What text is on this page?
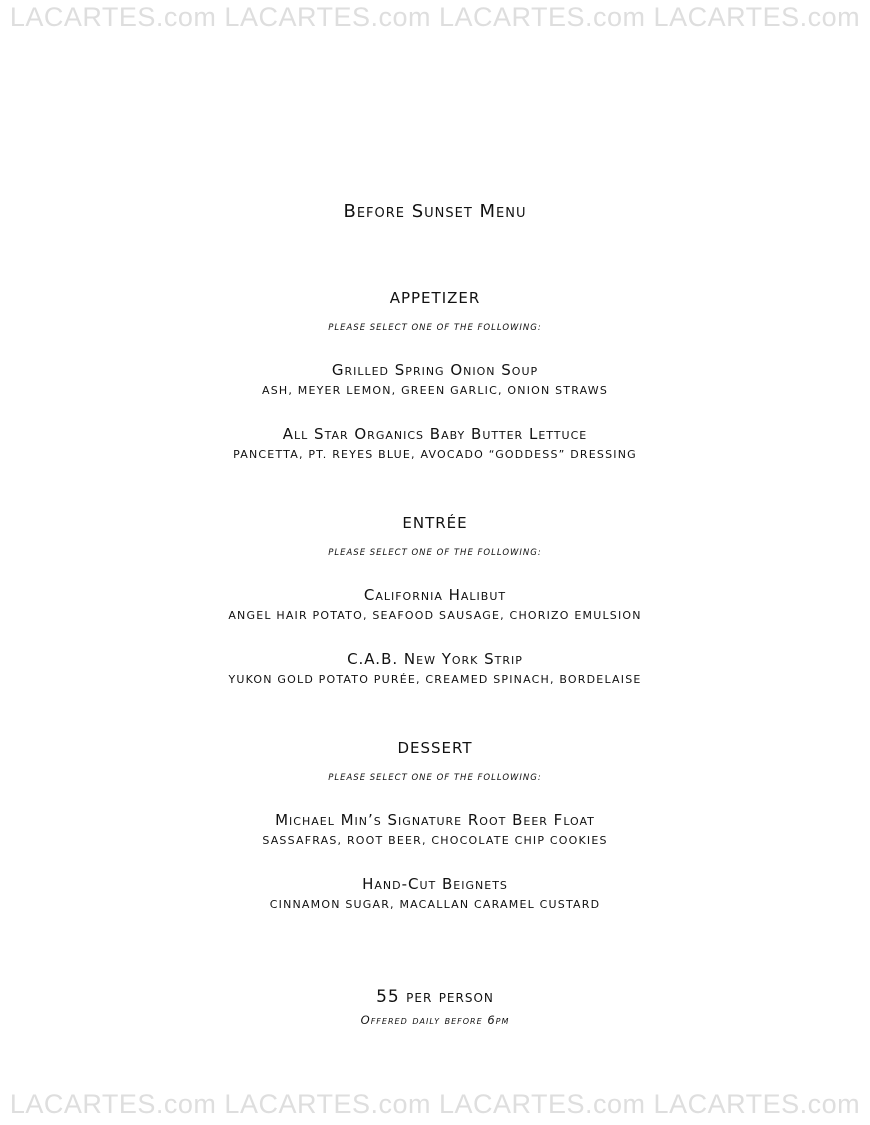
LACARTES.com LACARTES.com LACARTES.com LACARTES.com
Before Sunset Menu
APPETIZER
PLEASE SELECT ONE OF THE FOLLOWING:
Grilled Spring Onion Soup
ASH, MEYER LEMON, GREEN GARLIC, ONION STRAWS
All Star Organics Baby Butter Lettuce
PANCETTA, PT. REYES BLUE, AVOCADO “GODDESS” DRESSING
ENTRÉE
PLEASE SELECT ONE OF THE FOLLOWING:
California Halibut
ANGEL HAIR POTATO, SEAFOOD SAUSAGE, CHORIZO EMULSION
C.A.B. New York Strip
YUKON GOLD POTATO PURÉE, CREAMED SPINACH, BORDELAISE
DESSERT
PLEASE SELECT ONE OF THE FOLLOWING:
Michael Min’s Signature Root Beer Float
SASSAFRAS, ROOT BEER, CHOCOLATE CHIP COOKIES
Hand-Cut Beignets
CINNAMON SUGAR, MACALLAN CARAMEL CUSTARD
55 per person
Offered daily before 6pm
LACARTES.com LACARTES.com LACARTES.com LACARTES.com
